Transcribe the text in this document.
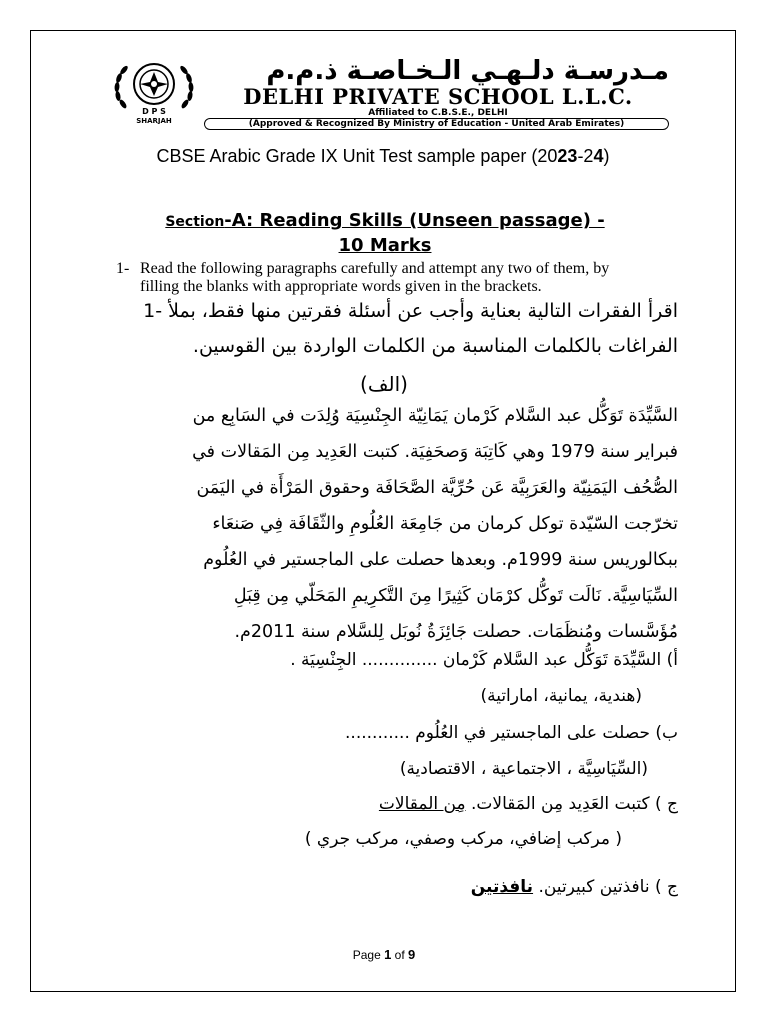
D P S
SHARJAH
مـدرسـة دلـهـي الـخـاصـة ذ.م.م
DELHI PRIVATE SCHOOL L.L.C.
Affiliated to C.B.S.E., DELHI
(Approved & Recognized By Ministry of Education - United Arab Emirates)
CBSE Arabic Grade IX Unit Test sample paper (2023-24)
Section-A: Reading Skills (Unseen passage) -
10 Marks
1- Read the following paragraphs carefully and attempt any two of them, by
filling the blanks with appropriate words given in the brackets.
اقرأ الفقرات التالية بعناية وأجب عن أسئلة فقرتين منها فقط، بملأ -1
الفراغات بالكلمات المناسبة من الكلمات الواردة بين القوسين.
(الف)
السَّيِّدَة تَوَكُّل عبد السَّلام كَرْمان يَمَانِيّة الجِنْسِيَة وُلِدَت في السَابِع من
فبراير سنة 1979 وهي كَاتِبَة وَصحَفِيَة. كتبت العَدِيد مِن المَقالات في
الصُّحُف اليَمَنِيّة والعَرَبِيَّة عَن حُرِّيَّة الصَّحَافَة وحقوق المَرْأَة في اليَمَن
تخرّجت السّيّدة توكل كرمان من جَامِعَة العُلُومِ والثّقَافَة فِي صَنعَاء
ببكالوريس سنة 1999م. وبعدها حصلت على الماجستير في العُلُوم
السِّيَاسِيَّة. نَالَت تَوكُّل كرْمَان كَثِيرًا مِنَ التَّكرِيمِ المَحَلّي مِن قِبَلِ
مُؤَسَّسات ومُنظَمَات. حصلت جَائِزَةُ نُوبَل لِلسَّلام سنة 2011م.
أ) السَّيِّدَة تَوَكُّل عبد السَّلام كَرْمان .............. الجِنْسِيَة .
(هندية، يمانية، اماراتية)
ب) حصلت على الماجستير في العُلُوم ............
(السِّيَاسِيَّة ، الاجتماعية ، الاقتصادية)
ج ) كتبت العَدِيد مِن المَقالات. مِن المقالات
( مركب إضافي، مركب وصفي، مركب جري )
ج ) نافذتين كبيرتين. نافذتين
Page 1 of 9
